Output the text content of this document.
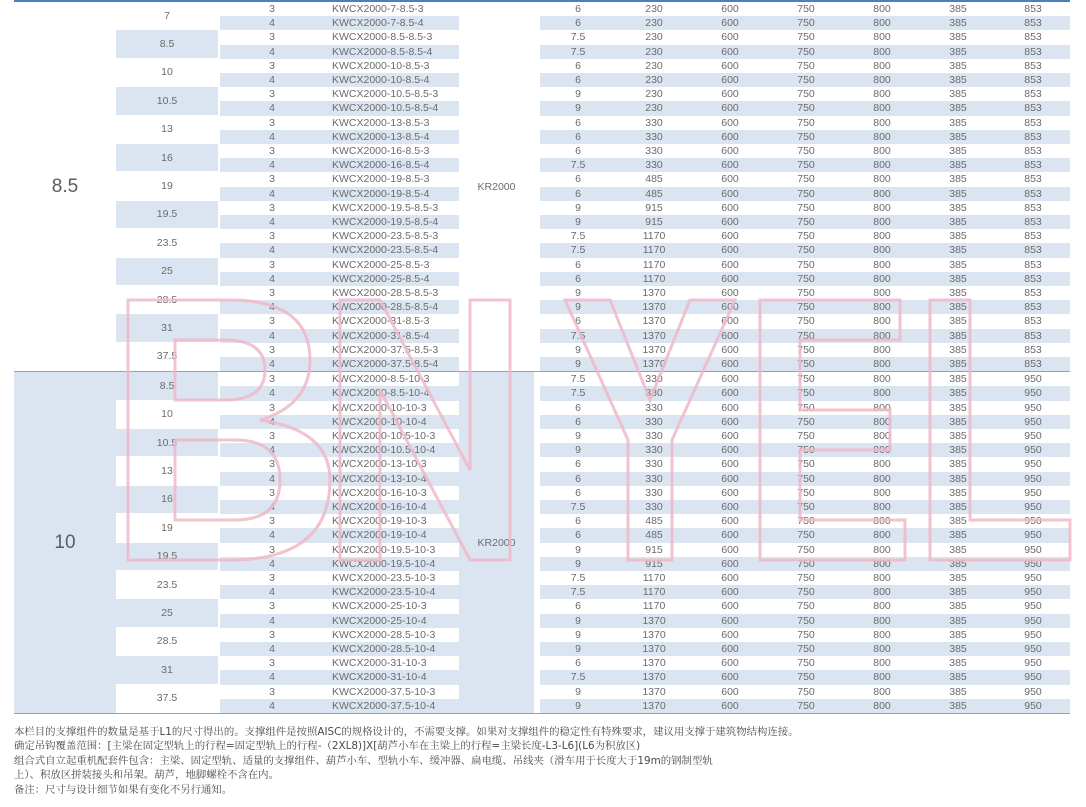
8.5	KR2000
7
3	KWCX2000-7-8.5-3	6	230	600	750	800	385	853
4	KWCX2000-7-8.5-4	6	230	600	750	800	385	853
8.5
3	KWCX2000-8.5-8.5-3	7.5	230	600	750	800	385	853
4	KWCX2000-8.5-8.5-4	7.5	230	600	750	800	385	853
10
3	KWCX2000-10-8.5-3	6	230	600	750	800	385	853
4	KWCX2000-10-8.5-4	6	230	600	750	800	385	853
10.5
3	KWCX2000-10.5-8.5-3	9	230	600	750	800	385	853
4	KWCX2000-10.5-8.5-4	9	230	600	750	800	385	853
13
3	KWCX2000-13-8.5-3	6	330	600	750	800	385	853
4	KWCX2000-13-8.5-4	6	330	600	750	800	385	853
16
3	KWCX2000-16-8.5-3	6	330	600	750	800	385	853
4	KWCX2000-16-8.5-4	7.5	330	600	750	800	385	853
19
3	KWCX2000-19-8.5-3	6	485	600	750	800	385	853
4	KWCX2000-19-8.5-4	6	485	600	750	800	385	853
19.5
3	KWCX2000-19.5-8.5-3	9	915	600	750	800	385	853
4	KWCX2000-19.5-8.5-4	9	915	600	750	800	385	853
23.5
3	KWCX2000-23.5-8.5-3	7.5	1170	600	750	800	385	853
4	KWCX2000-23.5-8.5-4	7.5	1170	600	750	800	385	853
25
3	KWCX2000-25-8.5-3	6	1170	600	750	800	385	853
4	KWCX2000-25-8.5-4	6	1170	600	750	800	385	853
28.5
3	KWCX2000-28.5-8.5-3	9	1370	600	750	800	385	853
4	KWCX2000-28.5-8.5-4	9	1370	600	750	800	385	853
31
3	KWCX2000-31-8.5-3	6	1370	600	750	800	385	853
4	KWCX2000-31-8.5-4	7.5	1370	600	750	800	385	853
37.5
3	KWCX2000-37.5-8.5-3	9	1370	600	750	800	385	853
4	KWCX2000-37.5-8.5-4	9	1370	600	750	800	385	853
10	KR2000
8.5
3	KWCX2000-8.5-10-3	7.5	330	600	750	800	385	950
4	KWCX2000-8.5-10-4	7.5	330	600	750	800	385	950
10
3	KWCX2000-10-10-3	6	330	600	750	800	385	950
4	KWCX2000-10-10-4	6	330	600	750	800	385	950
10.5
3	KWCX2000-10.5-10-3	9	330	600	750	800	385	950
4	KWCX2000-10.5-10-4	9	330	600	750	800	385	950
13
3	KWCX2000-13-10-3	6	330	600	750	800	385	950
4	KWCX2000-13-10-4	6	330	600	750	800	385	950
16
3	KWCX2000-16-10-3	6	330	600	750	800	385	950
4	KWCX2000-16-10-4	7.5	330	600	750	800	385	950
19
3	KWCX2000-19-10-3	6	485	600	750	800	385	950
4	KWCX2000-19-10-4	6	485	600	750	800	385	950
19.5
3	KWCX2000-19.5-10-3	9	915	600	750	800	385	950
4	KWCX2000-19.5-10-4	9	915	600	750	800	385	950
23.5
3	KWCX2000-23.5-10-3	7.5	1170	600	750	800	385	950
4	KWCX2000-23.5-10-4	7.5	1170	600	750	800	385	950
25
3	KWCX2000-25-10-3	6	1170	600	750	800	385	950
4	KWCX2000-25-10-4	9	1370	600	750	800	385	950
28.5
3	KWCX2000-28.5-10-3	9	1370	600	750	800	385	950
4	KWCX2000-28.5-10-4	9	1370	600	750	800	385	950
31
3	KWCX2000-31-10-3	6	1370	600	750	800	385	950
4	KWCX2000-31-10-4	7.5	1370	600	750	800	385	950
37.5
3	KWCX2000-37.5-10-3	9	1370	600	750	800	385	950
4	KWCX2000-37.5-10-4	9	1370	600	750	800	385	950
本栏目的支撑组件的数量是基于L1的尺寸得出的。支撑组件是按照AISC的规格设计的，不需要支撑。如果对支撑组件的稳定性有特殊要求，建议用支撑于建筑物结构连接。
确定吊钩覆盖范围：[主梁在固定型轨上的行程=固定型轨上的行程-（2XL8)]X[葫芦小车在主梁上的行程=主梁长度-L3-L6](L6为积放区)
组合式自立起重机配套件包含：主梁、固定型轨、适量的支撑组件、葫芦小车、型轨小车、缓冲器、扁电缆、吊线夹（滑车用于长度大于19m的钢制型轨
上）、积放区拼装接头和吊架。葫芦，地脚螺栓不含在内。
备注：尺寸与设计细节如果有变化不另行通知。
